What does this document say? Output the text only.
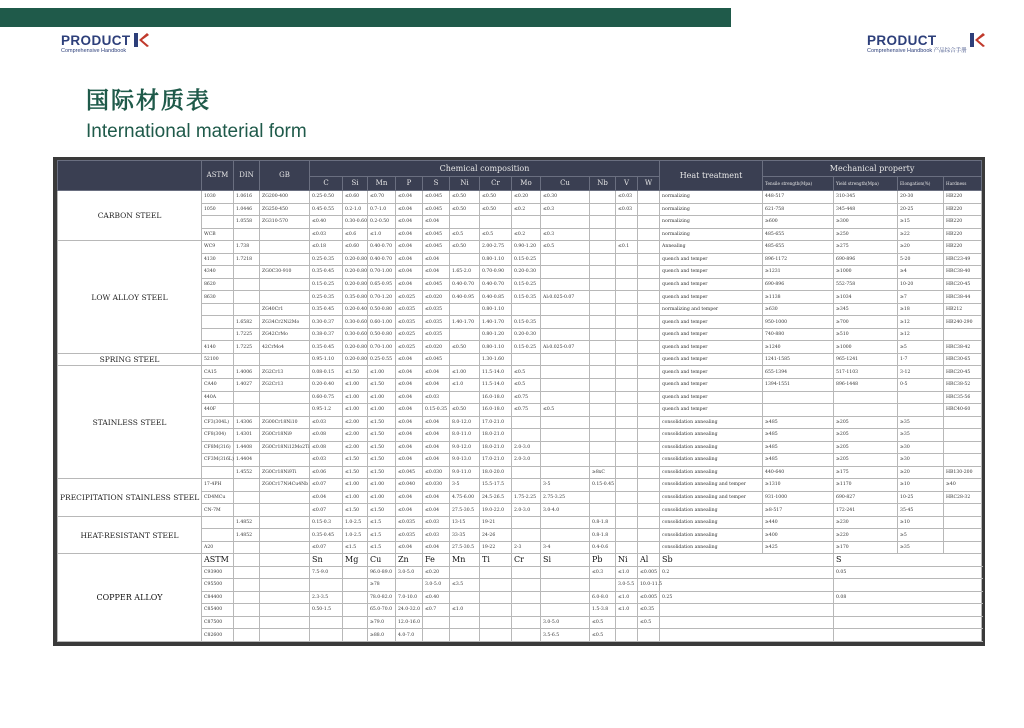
PRODUCT
Comprehensive Handbook
PRODUCT
Comprehensive Handbook 产品综合手册
国际材质表
International material form
	ASTM	DIN	GB	Chemical composition												Heat treatment	Mechanical property			
				C	Si	Mn	P	S	Ni	Cr	Mo	Cu	Nb	V	W		Tensile strength(Mpa)	Yield strength(Mpa)	Elongation(%)	Hardness
CARBON STEEL	1030	1.0616	ZG200-400	0.25-0.50	≤0.60	≤0.70	≤0.04	≤0.045	≤0.50	≤0.50	≤0.20	≤0.30		≤0.03		normalizing	448-517	310-345	20-30	HB220
	1050	1.0446	ZG250-450	0.45-0.55	0.2-1.0	0.7-1.0	≤0.04	≤0.045	≤0.50	≤0.50	≤0.2	≤0.3		≤0.03		normalizing	621-758	345-448	20-25	HB220
		1.0558	ZG310-570	≤0.40	0.30-0.60	0.2-0.50	≤0.04	≤0.04								normalizing	≥600	≥300	≥15	HB220
	WCB			≤0.03	≤0.6	≤1.0	≤0.04	≤0.045	≤0.5	≤0.5	≤0.2	≤0.3				normalizing	485-655	≥250	≥22	HB220
LOW ALLOY STEEL	WC9	1.738		≤0.18	≤0.60	0.40-0.70	≤0.04	≤0.045	≤0.50	2.00-2.75	0.90-1.20	≤0.5		≤0.1		Annealing	485-655	≥275	≥20	HB220
	4130	1.7218		0.25-0.35	0.20-0.80	0.40-0.70	≤0.04	≤0.04		0.80-1.10	0.15-0.25					quench and temper	896-1172	690-896	5-20	HRC23-49
	4340		ZG0C30-910	0.35-0.45	0.20-0.80	0.70-1.00	≤0.04	≤0.04	1.65-2.0	0.70-0.90	0.20-0.30					quench and temper	≥1231	≥1000	≥4	HRC38-40
	8620			0.15-0.25	0.20-0.80	0.65-0.95	≤0.04	≤0.045	0.40-0.70	0.40-0.70	0.15-0.25					quench and temper	690-896	552-758	10-20	HRC20-45
	8630			0.25-0.35	0.35-0.80	0.70-1.20	≤0.025	≤0.020	0.40-0.95	0.40-0.85	0.15-0.35	Al:0.025-0.07				quench and temper	≥1138	≥1034	≥7	HRC38-44
			ZG40Cr1	0.35-0.45	0.20-0.40	0.50-0.80	≤0.035	≤0.035		0.80-1.10						normalizing and temper	≥630	≥345	≥18	HB212
		1.6582	ZG34Cr2Ni2Mo	0.30-0.37	0.30-0.60	0.60-1.00	≤0.035	≤0.035	1.40-1.70	1.40-1.70	0.15-0.35					quench and temper	950-1000	≥700	≥12	HB240-290
		1.7225	ZG42CrMo	0.38-0.37	0.30-0.60	0.50-0.80	≤0.025	≤0.035		0.80-1.20	0.20-0.30					quench and temper	740-880	≥510	≥12	
	4140	1.7225	42CrMo4	0.35-0.45	0.20-0.80	0.70-1.00	≤0.025	≤0.020	≤0.50	0.80-1.10	0.15-0.25	Al:0.025-0.07				quench and temper	≥1240	≥1000	≥5	HRC38-42
SPRING STEEL	52100			0.95-1.10	0.20-0.80	0.25-0.55	≤0.04	≤0.045		1.30-1.60						quench and temper	1241-1585	965-1241	1-7	HRC30-65
STAINLESS STEEL	CA15	1.4006	ZG2Cr13	0.08-0.15	≤1.50	≤1.00	≤0.04	≤0.04	≤1.00	11.5-14.0	≤0.5					quench and temper	655-1394	517-1103	3-12	HRC20-45
	CA40	1.4027	ZG2Cr13	0.20-0.40	≤1.00	≤1.50	≤0.04	≤0.04	≤1.0	11.5-14.0	≤0.5					quench and temper	1394-1551	896-1448	0-5	HRC38-52
	440A			0.60-0.75	≤1.00	≤1.00	≤0.04	≤0.03		16.0-18.0	≤0.75					quench and temper				HRC35-56
	440F			0.95-1.2	≤1.00	≤1.00	≤0.04	0.15-0.35	≤0.50	16.0-18.0	≤0.75	≤0.5				quench and temper				HRC40-60
	CF3(304L)	1.4306	ZG00Cr18Ni10	≤0.03	≤2.00	≤1.50	≤0.04	≤0.04	8.0-12.0	17.0-21.0						consolidation annealing	≥485	≥205	≥35	
	CF8(304)	1.4301	ZG0Cr18Ni9	≤0.08	≤2.00	≤1.50	≤0.04	≤0.04	8.0-11.0	18.0-21.0						consolidation annealing	≥485	≥205	≥35	
	CF8M(316)	1.4408	ZG0Cr18Ni12Mo2Ti	≤0.08	≤2.00	≤1.50	≤0.04	≤0.04	9.0-12.0	18.0-21.0	2.0-3.0					consolidation annealing	≥485	≥205	≥30	
	CF3M(316L)	1.4404		≤0.03	≤1.50	≤1.50	≤0.04	≤0.04	9.0-13.0	17.0-21.0	2.0-3.0					consolidation annealing	≥485	≥205	≥30	
		1.4552	ZG0Cr18Ni9Ti	≤0.06	≤1.50	≤1.50	≤0.045	≤0.030	9.0-11.0	18.0-20.0			≥8xC			consolidation annealing	440-640	≥175	≥20	HB130-200
PRECIPITATION STAINLESS STEEL	17-4PH		ZG0Cr17Ni4Cu4Nb	≤0.07	≤1.00	≤1.00	≤0.040	≤0.030	3-5	15.5-17.5		3-5	0.15-0.45			consolidation annealing and temper	≥1310	≥1170	≥10	≥40
	CD4MCu			≤0.04	≤1.00	≤1.00	≤0.04	≤0.04	4.75-6.00	24.5-26.5	1.75-2.25	2.75-3.25				consolidation annealing and temper	931-1000	690-827	10-25	HRC28-32
	CN-7M			≤0.07	≤1.50	≤1.50	≤0.04	≤0.04	27.5-30.5	19.0-22.0	2.0-3.0	3.0-4.0				consolidation annealing	≥8-517	172-241	35-45	
HEAT-RESISTANT STEEL		1.4852		0.15-0.3	1.0-2.5	≤1.5	≤0.035	≤0.03	13-15	19-21			0.8-1.8			consolidation annealing	≥440	≥230	≥10	
		1.4852		0.35-0.45	1.0-2.5	≤1.5	≤0.035	≤0.03	33-35	24-26			0.8-1.8			consolidation annealing	≥400	≥220	≥5	
	A20			≤0.07	≤1.5	≤1.5	≤0.04	≤0.04	27.5-30.5	19-22	2-3	3-4	0.4-0.6			consolidation annealing	≥425	≥170	≥35	
COPPER ALLOY	ASTM			Sn	Mg	Cu	Zn	Fe	Mn	Ti	Cr	Si	Pb	Ni	Al	Sb		S		
	C93900			7.5-9.0		96.0-89.0	3.0-5.0	≤0.20					≤0.3	≤1.0	≤0.005	0.2		0.05		
	C95500					≥78		3.0-5.0	≤3.5					3.0-5.5	10.0-11.5					
	C84400			2.3-3.5		78.0-82.0	7.0-10.0	≤0.40					6.0-8.0	≤1.0	≤0.005	0.25		0.08		
	C85400			0.50-1.5		65.0-70.0	24.0-32.0	≤0.7	≤1.0				1.5-3.8	≤1.0	≤0.35					
	C87500					≥79.0	12.0-16.0					3.0-5.0	≤0.5		≤0.5					
	C82600					≥88.0	4.0-7.0					3.5-6.5	≤0.5							
